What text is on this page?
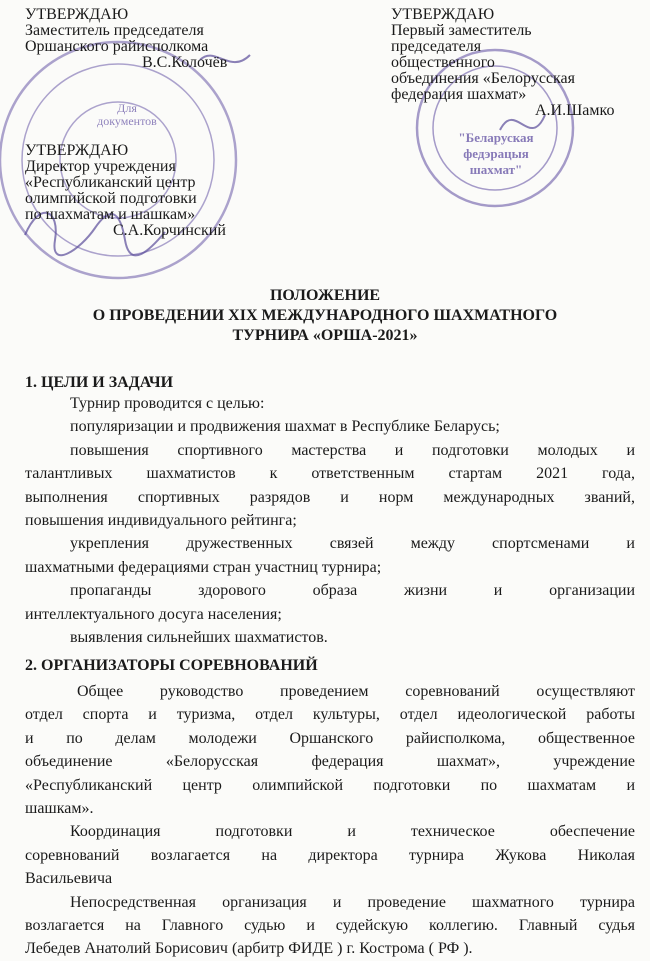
Для документов
"Беларуская федэрацыя шахмат"
УТВЕРЖДАЮ
Заместитель председателя
Оршанского райисполкома
В.С.Колочёв
УТВЕРЖДАЮ
Директор учреждения
«Республиканский центр
олимпийской подготовки
по шахматам и шашкам»
С.А.Корчинский
УТВЕРЖДАЮ
Первый заместитель
председателя
общественного
объединения «Белорусская
федерация шахмат»
А.И.Шамко
ПОЛОЖЕНИЕ
О ПРОВЕДЕНИИ XIX МЕЖДУНАРОДНОГО ШАХМАТНОГО
ТУРНИРА «ОРША-2021»
1. ЦЕЛИ И ЗАДАЧИ
Турнир проводится с целью:
популяризации и продвижения шахмат в Республике Беларусь;
повышения спортивного мастерства и подготовки молодых и
талантливых шахматистов к ответственным стартам 2021 года,
выполнения спортивных разрядов и норм международных званий,
повышения индивидуального рейтинга;
укрепления дружественных связей между спортсменами и
шахматными федерациями стран участниц турнира;
пропаганды здорового образа жизни и организации
интеллектуального досуга населения;
выявления сильнейших шахматистов.
2. ОРГАНИЗАТОРЫ СОРЕВНОВАНИЙ
Общее руководство проведением соревнований осуществляют
отдел спорта и туризма, отдел культуры, отдел идеологической работы
и по делам молодежи Оршанского райисполкома, общественное
объединение «Белорусская федерация шахмат», учреждение
«Республиканский центр олимпийской подготовки по шахматам и
шашкам».
Координация подготовки и техническое обеспечение
соревнований возлагается на директора турнира Жукова Николая
Васильевича
Непосредственная организация и проведение шахматного турнира
возлагается на Главного судью и судейскую коллегию. Главный судья
Лебедев Анатолий Борисович (арбитр ФИДЕ ) г. Кострома ( РФ ).
